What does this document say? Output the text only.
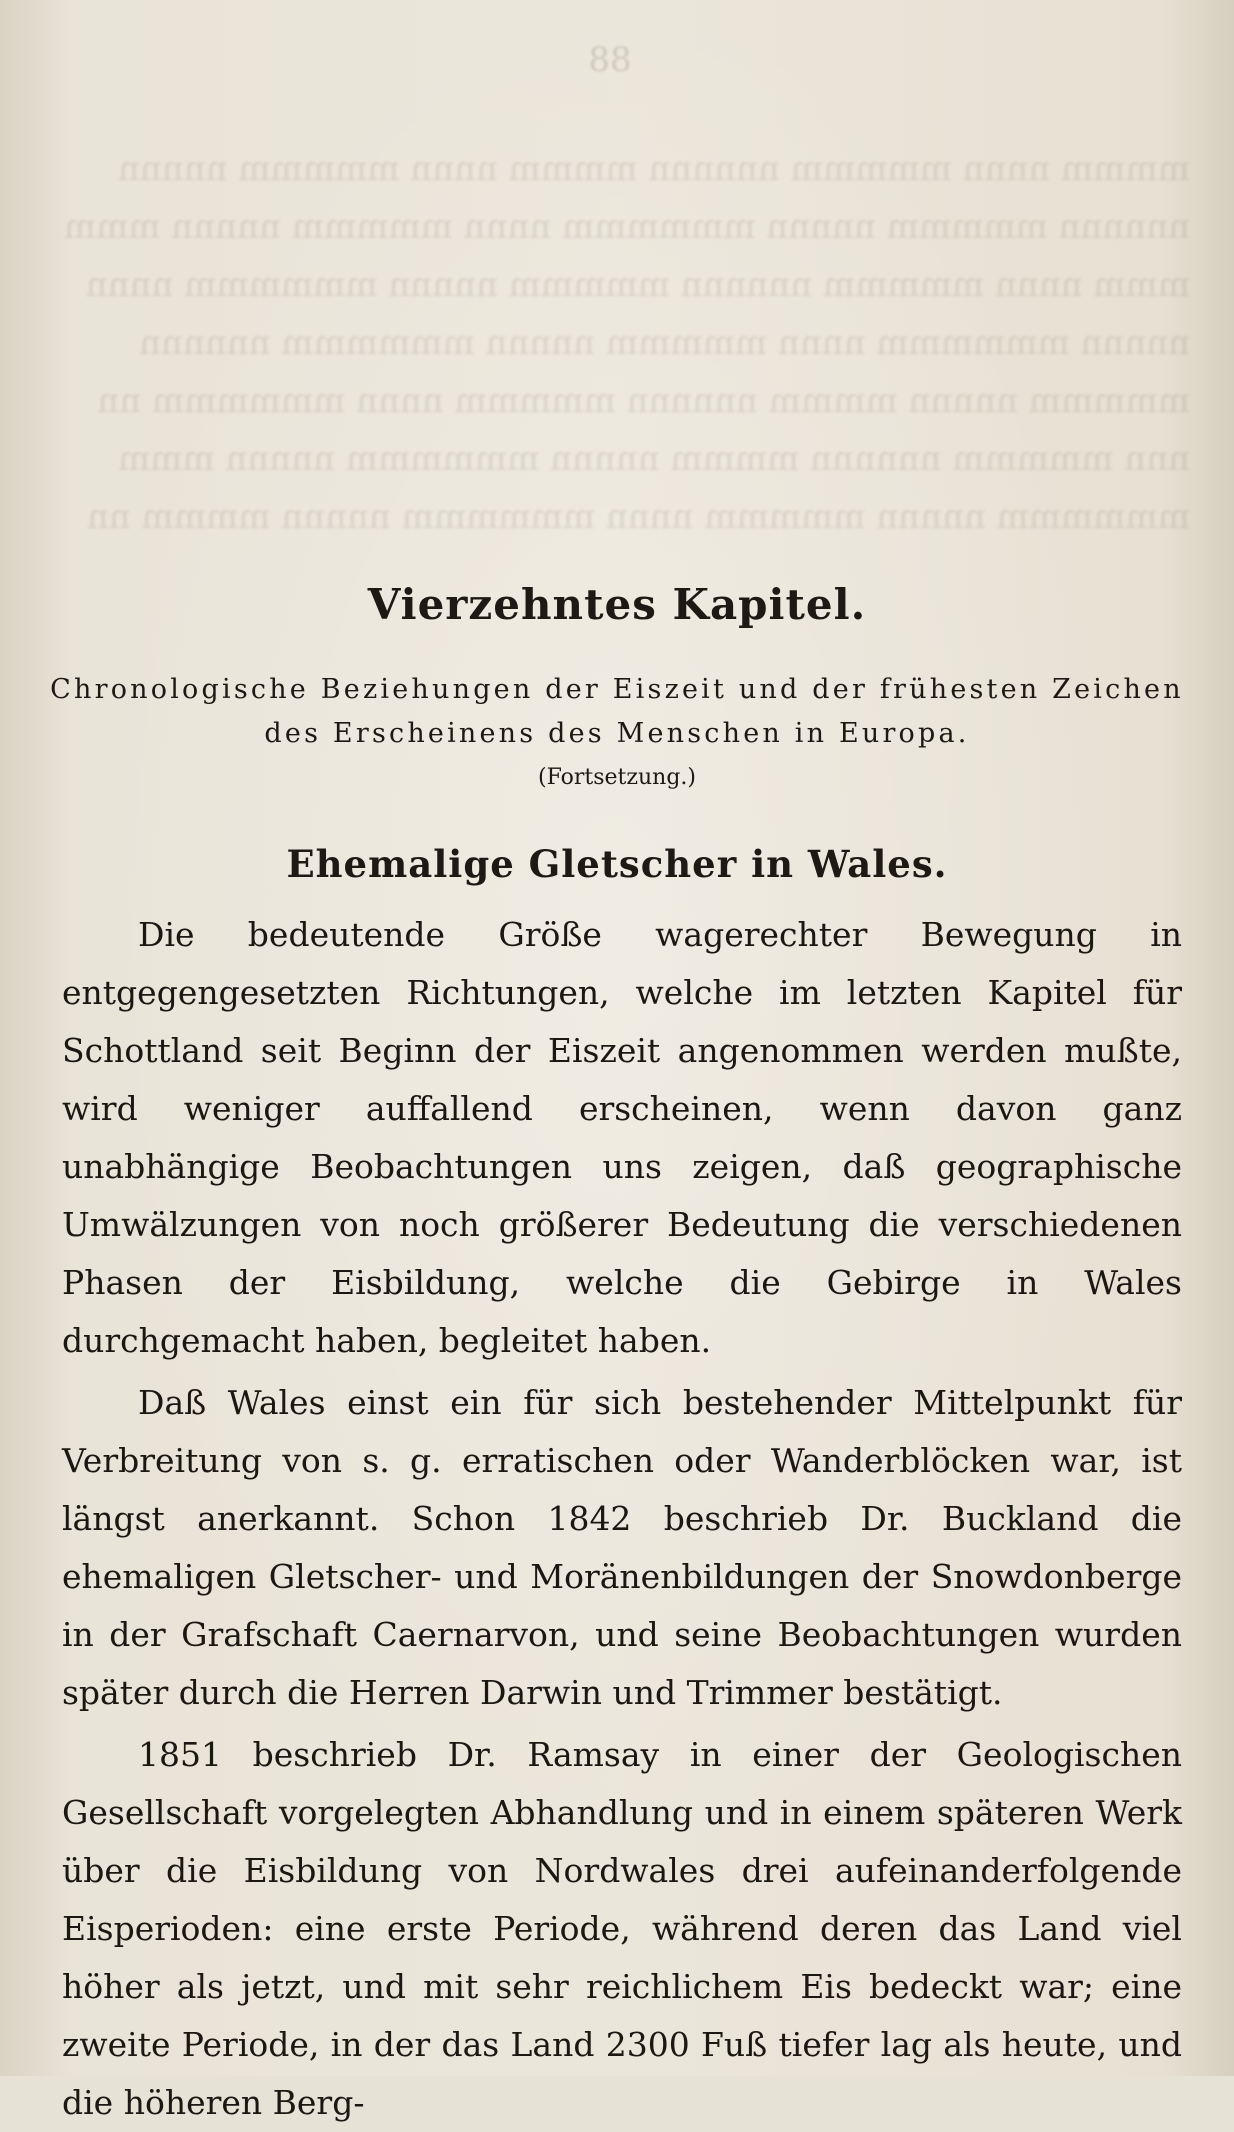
mmmm nnnn mmmmm nnnnnn mmmm nnnn mmmmm nnnnn
nnnnnn mmmmm nnnnn mmmmmm nnnn mmmmm nnnnn mmm
mmm nnnn mmmmm nnnnnn mmmmm nnnnn mmmmmm nnnn
nnnnn mmmmmm nnnn mmmmm nnnnn mmmmmm nnnnnn
mmmmm nnnnn mmmm nnnnnn mmmmm nnnn mmmmmm nn
nnn mmmmm nnnnnn mmmm nnnnn mmmmmm nnnnn mmm
mmmmmm nnnnn mmmmm nnnn mmmmmm nnnnn mmmm nn
88
Vierzehntes Kapitel.
Chronologische Beziehungen der Eiszeit und der frühesten Zeichen
des Erscheinens des Menschen in Europa.
(Fortsetzung.)
Ehemalige Gletscher in Wales.

Die bedeutende Größe wagerechter Bewegung in entgegengesetzten Richtungen, welche im letzten Kapitel für Schottland seit Beginn der Eiszeit angenommen werden mußte, wird weniger auffallend erscheinen, wenn davon ganz unabhängige Beobachtungen uns zeigen, daß geographische Umwälzungen von noch größerer Bedeutung die verschiedenen Phasen der Eisbildung, welche die Gebirge in Wales durchgemacht haben, begleitet haben.

Daß Wales einst ein für sich bestehender Mittelpunkt für Verbreitung von s. g. erratischen oder Wanderblöcken war, ist längst anerkannt. Schon 1842 beschrieb Dr. Buckland die ehemaligen Gletscher- und Moränenbildungen der Snowdonberge in der Grafschaft Caernarvon, und seine Beobachtungen wurden später durch die Herren Darwin und Trimmer bestätigt.

1851 beschrieb Dr. Ramsay in einer der Geologischen Gesellschaft vorgelegten Abhandlung und in einem späteren Werk über die Eisbildung von Nordwales drei aufeinanderfolgende Eisperioden: eine erste Periode, während deren das Land viel höher als jetzt, und mit sehr reichlichem Eis bedeckt war; eine zweite Periode, in der das Land 2300 Fuß tiefer lag als heute, und die höheren Berg-
